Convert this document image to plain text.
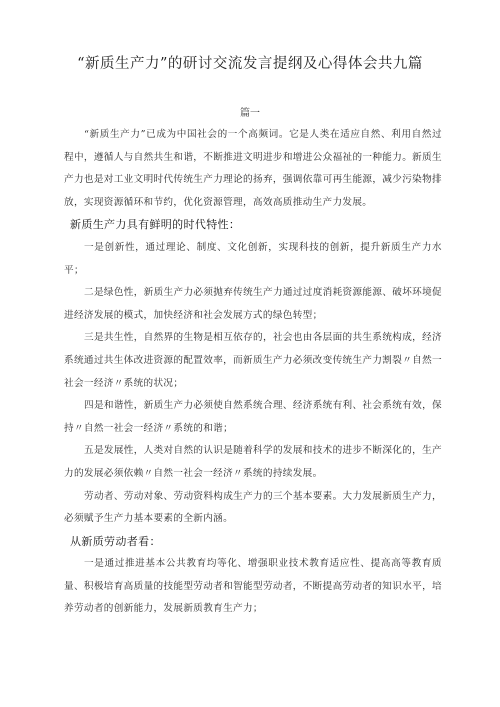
“新质生产力”的研讨交流发言提纲及心得体会共九篇
篇一

“新质生产力”已成为中国社会的一个高频词。它是人类在适应自然、利用自然过程中，遵循人与自然共生和谐，不断推进文明进步和增进公众福祉的一种能力。新质生产力也是对工业文明时代传统生产力理论的扬弃，强调依靠可再生能源，减少污染物排放，实现资源循环和节约，优化资源管理，高效高质推动生产力发展。

新质生产力具有鲜明的时代特性：

一是创新性，通过理论、制度、文化创新，实现科技的创新，提升新质生产力水平；

二是绿色性，新质生产力必须抛弃传统生产力通过过度消耗资源能源、破坏环境促进经济发展的模式，加快经济和社会发展方式的绿色转型；

三是共生性，自然界的生物是相互依存的，社会也由各层面的共生系统构成，经济系统通过共生体改进资源的配置效率，而新质生产力必须改变传统生产力割裂〃自然一社会一经济〃系统的状况；

四是和谐性，新质生产力必须使自然系统合理、经济系统有利、社会系统有效，保持〃自然一社会一经济〃系统的和谐；

五是发展性，人类对自然的认识是随着科学的发展和技术的进步不断深化的，生产力的发展必须依赖〃自然一社会一经济〃系统的持续发展。

劳动者、劳动对象、劳动资料构成生产力的三个基本要素。大力发展新质生产力，必须赋予生产力基本要素的全新内涵。

从新质劳动者看：

一是通过推进基本公共教育均等化、增强职业技术教育适应性、提高高等教育质量、积极培育高质量的技能型劳动者和智能型劳动者，不断提高劳动者的知识水平，培养劳动者的创新能力，发展新质教育生产力；
